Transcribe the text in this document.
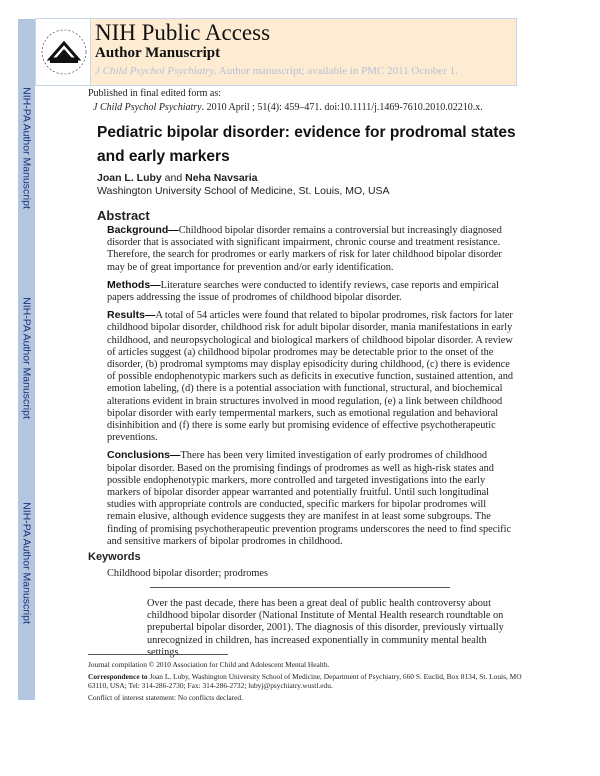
NIH-PA Author Manuscript
NIH-PA Author Manuscript
NIH-PA Author Manuscript
NIH Public Access
Author Manuscript
J Child Psychol Psychiatry. Author manuscript; available in PMC 2011 October 1.
Published in final edited form as:
J Child Psychol Psychiatry. 2010 April ; 51(4): 459–471. doi:10.1111/j.1469-7610.2010.02210.x.
Pediatric bipolar disorder: evidence for prodromal states and early markers
Joan L. Luby and Neha Navsaria
Washington University School of Medicine, St. Louis, MO, USA
Abstract

Background—Childhood bipolar disorder remains a controversial but increasingly diagnosed disorder that is associated with significant impairment, chronic course and treatment resistance. Therefore, the search for prodromes or early markers of risk for later childhood bipolar disorder may be of great importance for prevention and/or early identification.

Methods—Literature searches were conducted to identify reviews, case reports and empirical papers addressing the issue of prodromes of childhood bipolar disorder.

Results—A total of 54 articles were found that related to bipolar prodromes, risk factors for later childhood bipolar disorder, childhood risk for adult bipolar disorder, mania manifestations in early childhood, and neuropsychological and biological markers of childhood bipolar disorder. A review of articles suggest (a) childhood bipolar prodromes may be detectable prior to the onset of the disorder, (b) prodromal symptoms may display episodicity during childhood, (c) there is evidence of possible endophenotypic markers such as deficits in executive function, sustained attention, and emotion labeling, (d) there is a potential association with functional, structural, and biochemical alterations evident in brain structures involved in mood regulation, (e) a link between childhood bipolar disorder with early tempermental markers, such as emotional regulation and behavioral disinhibition and (f) there is some early but promising evidence of effective psychotherapeutic preventions.

Conclusions—There has been very limited investigation of early prodromes of childhood bipolar disorder. Based on the promising findings of prodromes as well as high-risk states and possible endophenotypic markers, more controlled and targeted investigations into the early markers of bipolar disorder appear warranted and potentially fruitful. Until such longitudinal studies with appropriate controls are conducted, specific markers for bipolar prodromes will remain elusive, although evidence suggests they are manifest in at least some subgroups. The finding of promising psychotherapeutic prevention programs underscores the need to find specific and sensitive markers of bipolar prodromes in childhood.

Keywords
Childhood bipolar disorder; prodromes
Over the past decade, there has been a great deal of public health controversy about childhood bipolar disorder (National Institute of Mental Health research roundtable on prepubertal bipolar disorder, 2001). The diagnosis of this disorder, previously virtually unrecognized in children, has increased exponentially in community mental health settings

Journal compilation © 2010 Association for Child and Adolescent Mental Health.

Correspondence to Joan L. Luby, Washington University School of Medicine, Department of Psychiatry, 660 S. Euclid, Box 8134, St. Louis, MO 63110, USA; Tel: 314-286-2730; Fax: 314-286-2732; lubyj@psychiatry.wustl.edu.

Conflict of interest statement: No conflicts declared.
